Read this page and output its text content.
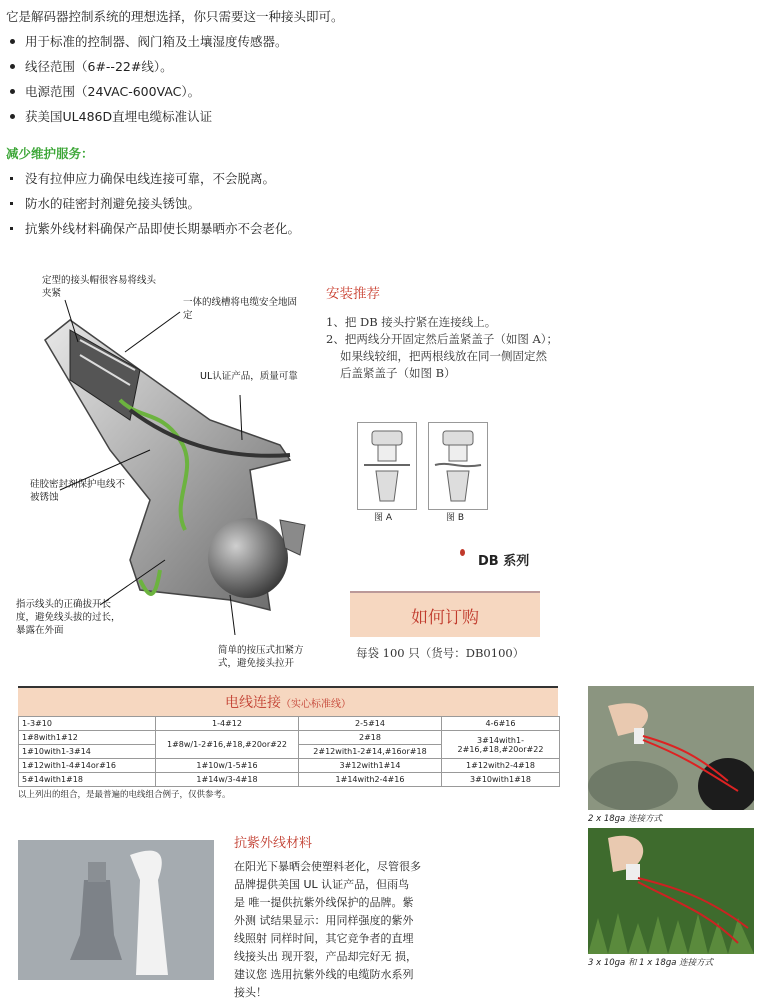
它是解码器控制系统的理想选择，你只需要这一种接头即可。
用于标准的控制器、阀门箱及土壤湿度传感器。
线径范围（6#--22#线）。
电源范围（24VAC-600VAC）。
获美国UL486D直埋电缆标准认证
减少维护服务：
没有拉伸应力确保电线连接可靠，不会脱离。
防水的硅密封剂避免接头锈蚀。
抗紫外线材料确保产品即使长期暴晒亦不会老化。
定型的接头帽很容易将线头夹紧
一体的线槽将电缆安全地固定
UL认证产品，质量可靠
硅胶密封剂保护电线不被锈蚀
指示线头的正确拔开长度，避免线头拔的过长，暴露在外面
简单的按压式扣紧方式，避免接头拉开
安装推荐
1、把 DB 接头拧紧在连接线上。
2、把两线分开固定然后盖紧盖子（如图 A）；
如果线较细，把两根线放在同一侧固定然
后盖紧盖子（如图 B）
图 A	图 B
DB 系列
如何订购
每袋 100 只（货号：DB0100）
电线连接 （实心标准线）
1-3#10	1-4#12	2-5#14	4-6#16
1#8with1#12	1#8w/1-2#16,#18,#20or#22	2#18	3#14with1-2#16,#18,#20or#22
1#10with1-3#14		2#12with1-2#14,#16or#18	
1#12with1-4#14or#16	1#10w/1-5#16	3#12with1#14	1#12with2-4#18
5#14with1#18	1#14w/3-4#18	1#14with2-4#16	3#10with1#18
以上列出的组合，是最普遍的电线组合例子，仅供参考。
2 x 18ga 连接方式
3 x 10ga 和 1 x 18ga 连接方式
抗紫外线材料
在阳光下暴晒会使塑料老化，尽管很多
品牌提供美国 UL 认证产品，但雨鸟
是 唯一提供抗紫外线保护的品牌。紫
外测 试结果显示：用同样强度的紫外
线照射 同样时间，其它竞争者的直埋
线接头出 现开裂，产品却完好无 损，
建议您 选用抗紫外线的电缆防水系列
接头！
